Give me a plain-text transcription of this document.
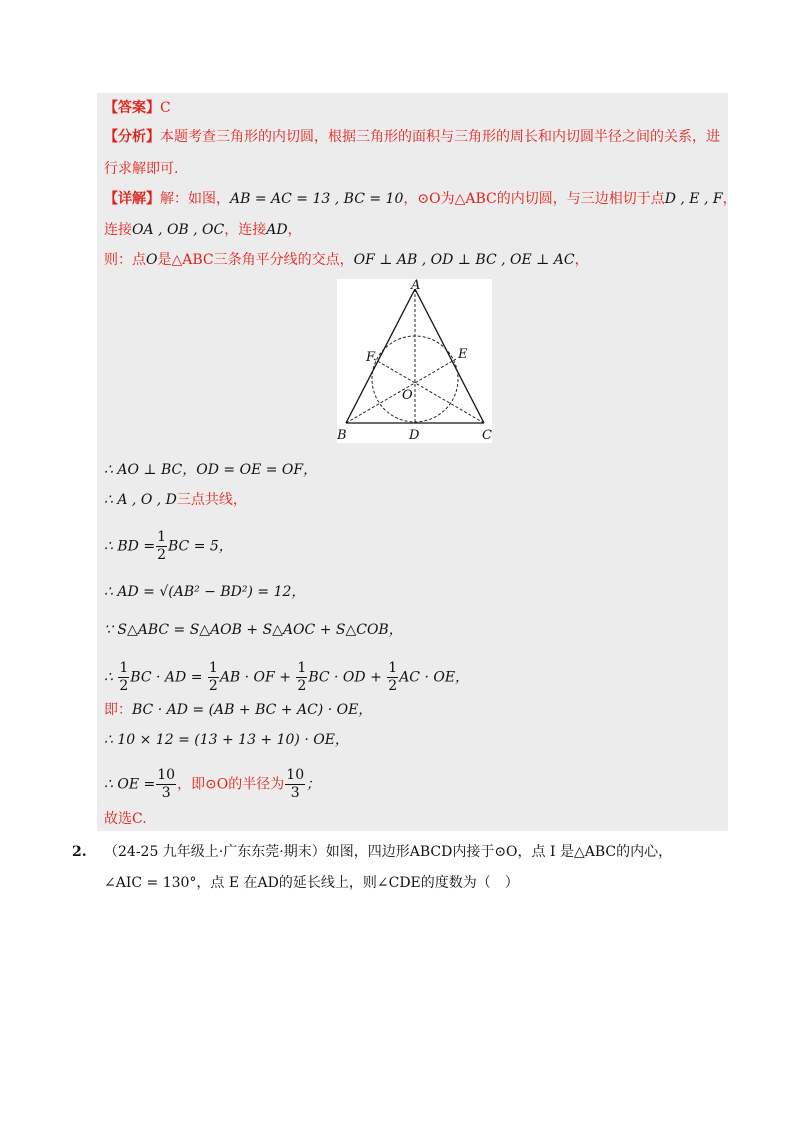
【答案】C
【分析】本题考查三角形的内切圆，根据三角形的面积与三角形的周长和内切圆半径之间的关系，进
行求解即可.
【详解】解：如图，AB = AC = 13 , BC = 10，⊙O为△ABC的内切圆，与三边相切于点D , E , F，
连接OA , OB , OC，连接AD，
则：点O是△ABC三条角平分线的交点，OF ⊥ AB , OD ⊥ BC , OE ⊥ AC，
A
B	C
D
E
F
O
∴ AO ⊥ BC，OD = OE = OF，
∴ A , O , D三点共线，
∴ BD = $\frac{1}{2}$ BC = 5，
∴ AD = √(AB² − BD²) = 12，
∵ S△ABC = S△AOB + S△AOC + S△COB，
∴ $\frac{1}{2}$ BC · AD = $\frac{1}{2}$ AB · OF + $\frac{1}{2}$ BC · OD + $\frac{1}{2}$ AC · OE，
即：BC · AD = (AB + BC + AC) · OE，
∴ 10 × 12 = (13 + 13 + 10) · OE，
∴ OE = $\frac{10}{3}$ ，即⊙O的半径为 $\frac{10}{3}$ ；
故选C.
2. （24-25 九年级上·广东东莞·期末）如图，四边形ABCD内接于⊙O，点 I 是△ABC的内心，
∠AIC = 130°，点 E 在AD的延长线上，则∠CDE的度数为（　）
